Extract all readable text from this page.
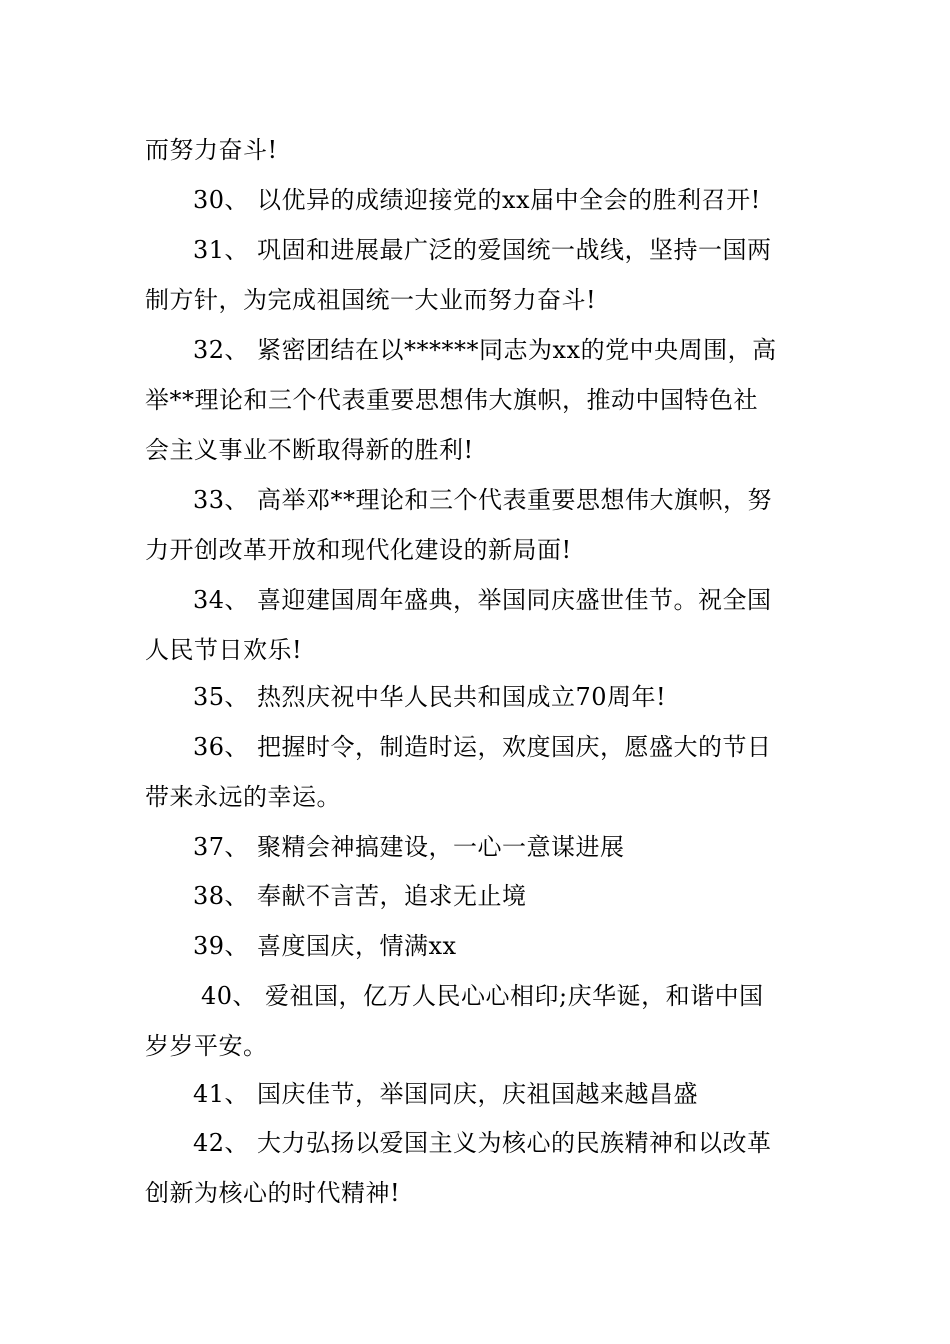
而努力奋斗!
30、 以优异的成绩迎接党的xx届中全会的胜利召开!
31、 巩固和进展最广泛的爱国统一战线，坚持一国两
制方针，为完成祖国统一大业而努力奋斗!
32、 紧密团结在以******同志为xx的党中央周围，高
举**理论和三个代表重要思想伟大旗帜，推动中国特色社
会主义事业不断取得新的胜利!
33、 高举邓**理论和三个代表重要思想伟大旗帜，努
力开创改革开放和现代化建设的新局面!
34、 喜迎建国周年盛典，举国同庆盛世佳节。祝全国
人民节日欢乐!
35、 热烈庆祝中华人民共和国成立70周年!
36、 把握时令，制造时运，欢度国庆，愿盛大的节日
带来永远的幸运。
37、 聚精会神搞建设，一心一意谋进展
38、 奉献不言苦，追求无止境
39、 喜度国庆，情满xx
40、 爱祖国，亿万人民心心相印;庆华诞，和谐中国
岁岁平安。
41、 国庆佳节，举国同庆，庆祖国越来越昌盛
42、 大力弘扬以爱国主义为核心的民族精神和以改革
创新为核心的时代精神!
